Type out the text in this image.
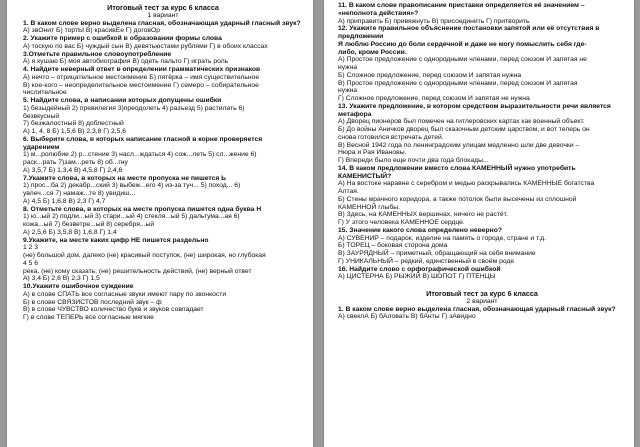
Итоговый тест за курс 6 класса
1 вариант
1. В каком слове верно выделена гласная, обозначающая ударный гласный звук?
А) звОнит Б) тортЫ В) красивЕе Г) договОр
2. Укажите пример с ошибкой в образовании формы слова
А) тоскую по вас Б) чуждый сын В) девятьюстами рублями Г) в обоих классах
3.Отметьте правильное словоупотребление
А) я кушаю Б) моя автобиография В) одеть пальто Г) играть роль
4. Найдите неверный ответ в определении грамматических признаков
А) нечто – отрицательное местоимение Б) пятёрка – имя существительное
В) кое-кого – неопределительное местоимение Г) семеро – собирательное
числительное
5. Найдите слова, в написании которых допущены ошибки
1) безыдейный 2) превилегия 3)преодолеть 4) разъезд 5) растилать 6)
безвкусный
7) безжалостный 8) доблестный
А) 1, 4, 8 Б) 1,5,6 В) 2,3,8 Г) 2,5,6
6. Выберите слова, в которых написание гласной в корне проверяется
ударением
1) м...ролюбие 2) р...стение 3) насл...ждаться 4) сож...леть 5) сл...жение 6)
раск...рать 7)зам...реть 8) об...гну
А) 3,5,7 Б) 1,3,4 В) 4,5,8 Г) 2,4,6
7.Укажите слова, в которых на месте пропуска не пишется Ь
1) прос...ба 2) декабр...ский 3) выбеж...его 4) из-за туч... 5) поход... 6)
увлеч...ся 7) намаж...те 8) увидиш...
А) 4,5 Б) 1,6,8 В) 2,3 Г) 4,7
8. Отметьте слова, в которых на месте пропуска пишется одна буква Н
1) ю...ый 2) подли...ый 3) стари...ый 4) стекля...ый 5) дальтума...ая 6)
кожа...ый 7) безветре...ый 8) серебря...ый
А) 2,5,6 Б) 3,5,8 В) 1,6,8 Г) 1,4
9.Укажите, на месте каких цифр НЕ пишется раздельно
1 2 3
(не) большой дом, далеко (не) красивый поступок, (не) широкая, но глубокая
4 5 6
река, (не) кому сказать; (не) решительность действий, (не) верный ответ
А) 3,4 Б) 2,6 В) 2,3 Г) 1,5
10.Укажите ошибочное суждение
А) в слове СПАТЬ все согласные звуки имеют пару по звонкости
Б) в слове СВЯЗИСТОВ последний звук – ф
В) в слове ЧУВСТВО количество букв и звуков совпадает
Г) в слове ТЕПЕРЬ все согласные мягкие
11. В каком слове правописание приставки определяется её значением –
«неполнота действия»?
А) приправить Б) привяжнуть В) присоединить Г) притворить
12. Укажите правильное объяснение постановки запятой или её отсутствия в
предложении
Я люблю Россию до боли сердечной и даже не могу помыслить себя где-
либо, кроме России.
А) Простое предложение с однородными членами, перед союзом И запятая не
нужна
Б) Сложное предложение, перед союзом И запятая нужна
В) Простое предложение с однородными членами, перед союзом И запятая
нужна
Г) Сложное предложение, перед союзом И запятая не нужна
13. Укажите предложение, в котором средством выразительности речи является
метафора
А) Дворец пионеров был помечен на гитлеровских картах как военный объект.
Б) До войны Аничков дворец был сказочным детским царством, и вот теперь он
снова готовился встречать детей.
В) Весной 1942 года по ленинградским улицам медленно шли две девочки –
Нюра и Рая Ивановы.
Г) Впереди было еще почти два года блокады...
14. В каком предложении вместо слова КАМЕННЫЙ нужно употребить
КАМЕНИСТЫЙ?
А) На востоке наравне с серебром и медью раскрывались КАМЕННЫЕ богатства
Алтая.
Б) Стены мрачного коридора, а также потолок были высечены из сплошной
КАМЕННОЙ глыбы.
В) Здесь, на КАМЕННЫХ вершинах, ничего не растёт.
Г) У этого человека КАМЕННОЕ сердце.
15. Значение какого слова определено неверно?
А) СУВЕНИР – подарок, изделие на память о городе, стране и т.д.
Б) ТОРЕЦ – боковая сторона дома
В) ЗАУРЯДНЫЙ – приметный, обращающий на себя внимание
Г) УНИКАЛЬНЫЙ – редкий, единственный в своём роде
16. Найдите слово с орфографической ошибкой
А) ЦИСТЕРНА Б) РЫЖИЙ В) ШОПОТ Г) ПТЕНЦЫ
Итоговый тест за курс 6 класса
2 вариант
1. В каком слове верно выделена гласная, обозначающая ударный гласный звук?
А) свеклА Б) бАловать В) бАнты Г) зАвидно
